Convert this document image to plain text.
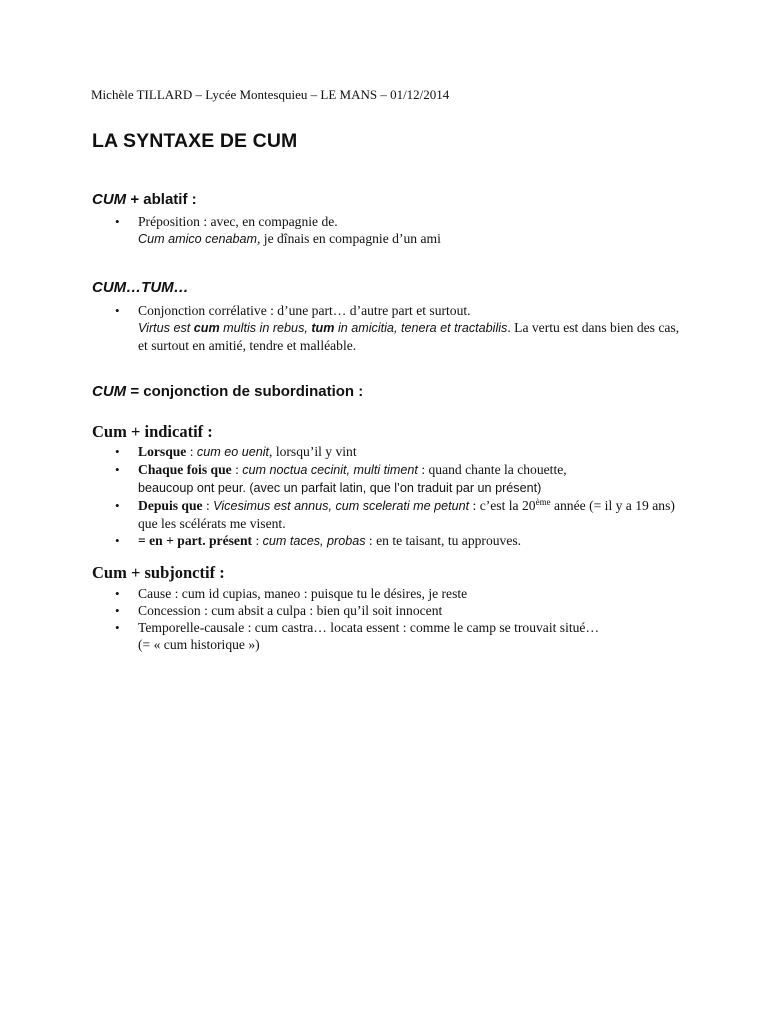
Michèle TILLARD – Lycée Montesquieu – LE MANS – 01/12/2014
LA SYNTAXE DE CUM
CUM + ablatif :
• Préposition : avec, en compagnie de.
Cum amico cenabam, je dînais en compagnie d’un ami
CUM…TUM…
• Conjonction corrélative : d’une part… d’autre part et surtout.
Virtus est cum multis in rebus, tum in amicitia, tenera et tractabilis. La vertu est dans bien des cas, et surtout en amitié, tendre et malléable.
CUM = conjonction de subordination :
Cum + indicatif :
• Lorsque : cum eo uenit, lorsqu’il y vint
• Chaque fois que : cum noctua cecinit, multi timent : quand chante la chouette,
beaucoup ont peur. (avec un parfait latin, que l’on traduit par un présent)
• Depuis que : Vicesimus est annus, cum scelerati me petunt : c’est la 20ème année (= il y a 19 ans) que les scélérats me visent.
• = en + part. présent : cum taces, probas : en te taisant, tu approuves.
Cum + subjonctif :
• Cause : cum id cupias, maneo : puisque tu le désires, je reste
• Concession : cum absit a culpa : bien qu’il soit innocent
• Temporelle-causale : cum castra… locata essent : comme le camp se trouvait situé…
(= « cum historique »)
